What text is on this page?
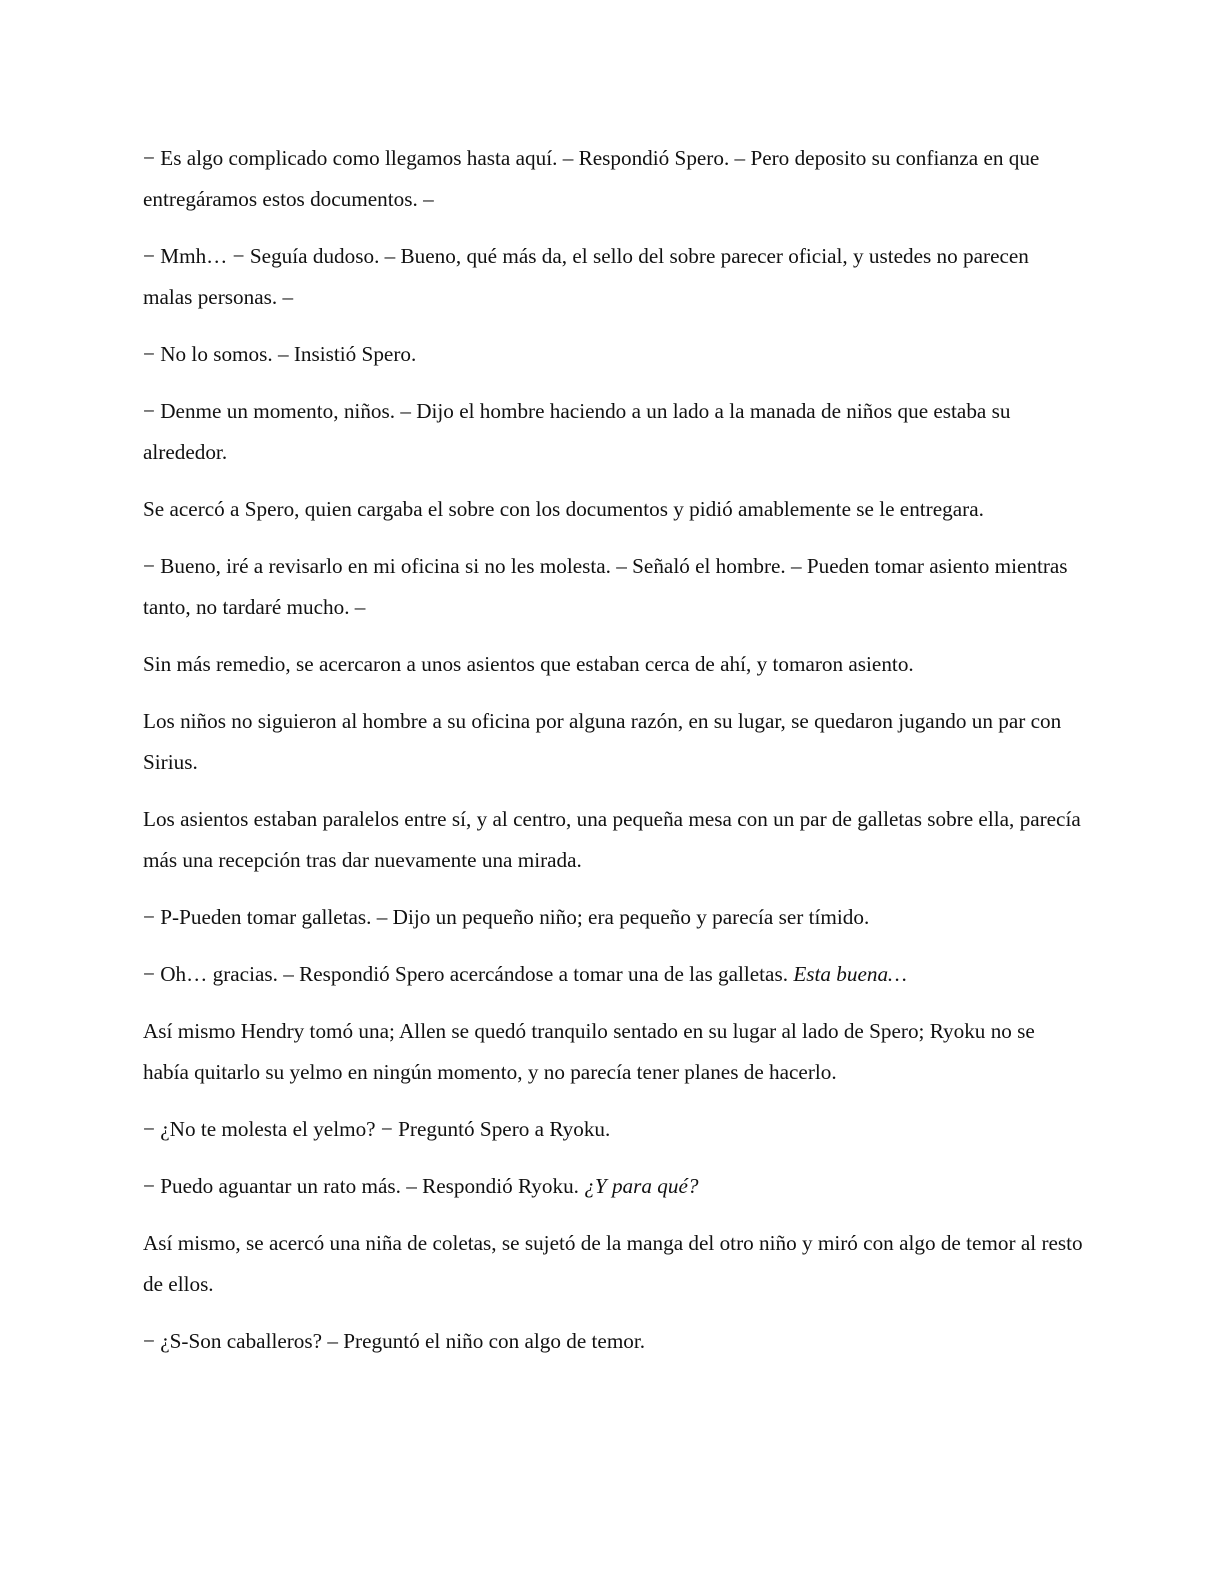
− Es algo complicado como llegamos hasta aquí. – Respondió Spero. – Pero deposito su confianza en que entregáramos estos documentos. –

− Mmh… − Seguía dudoso. – Bueno, qué más da, el sello del sobre parecer oficial, y ustedes no parecen malas personas. –

− No lo somos. – Insistió Spero.

− Denme un momento, niños. – Dijo el hombre haciendo a un lado a la manada de niños que estaba su alrededor.

Se acercó a Spero, quien cargaba el sobre con los documentos y pidió amablemente se le entregara.

− Bueno, iré a revisarlo en mi oficina si no les molesta. – Señaló el hombre. – Pueden tomar asiento mientras tanto, no tardaré mucho. –

Sin más remedio, se acercaron a unos asientos que estaban cerca de ahí, y tomaron asiento.

Los niños no siguieron al hombre a su oficina por alguna razón, en su lugar, se quedaron jugando un par con Sirius.

Los asientos estaban paralelos entre sí, y al centro, una pequeña mesa con un par de galletas sobre ella, parecía más una recepción tras dar nuevamente una mirada.

− P-Pueden tomar galletas. – Dijo un pequeño niño; era pequeño y parecía ser tímido.

− Oh… gracias. – Respondió Spero acercándose a tomar una de las galletas. Esta buena…

Así mismo Hendry tomó una; Allen se quedó tranquilo sentado en su lugar al lado de Spero; Ryoku no se había quitarlo su yelmo en ningún momento, y no parecía tener planes de hacerlo.

− ¿No te molesta el yelmo? − Preguntó Spero a Ryoku.

− Puedo aguantar un rato más. – Respondió Ryoku. ¿Y para qué?

Así mismo, se acercó una niña de coletas, se sujetó de la manga del otro niño y miró con algo de temor al resto de ellos.

− ¿S-Son caballeros? – Preguntó el niño con algo de temor.
